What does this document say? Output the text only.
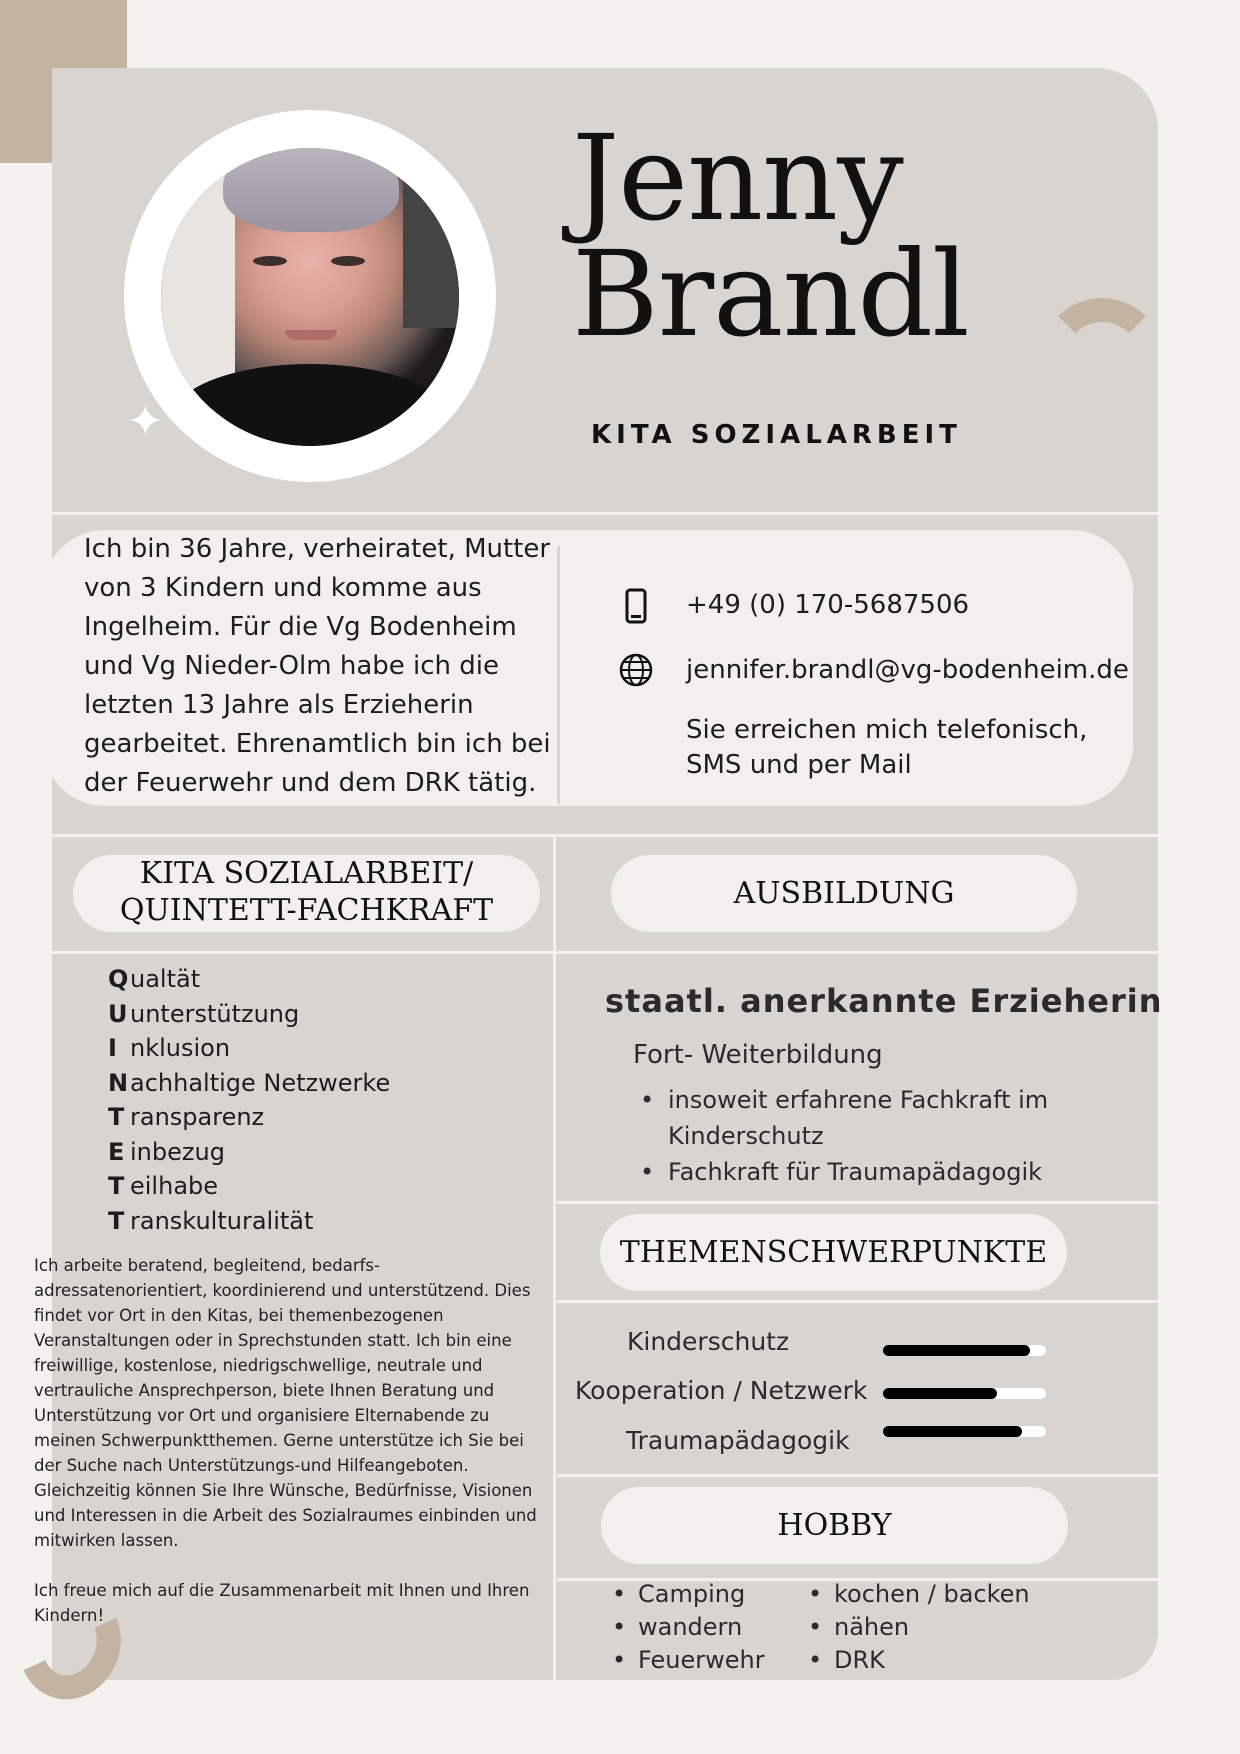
✦
Jenny
Brandl
KITA SOZIALARBEIT
Ich bin 36 Jahre, verheiratet, Mutter von 3 Kindern und komme aus Ingelheim. Für die Vg Bodenheim und Vg Nieder-Olm habe ich die letzten 13 Jahre als Erzieherin gearbeitet. Ehrenamtlich bin ich bei der Feuerwehr und dem DRK tätig.
+49 (0) 170-5687506
jennifer.brandl@vg-bodenheim.de
Sie erreichen mich telefonisch, SMS und per Mail
KITA SOZIALARBEIT/
QUINTETT-FACHKRAFT
Q ualtät
U unterstützung
I nklusion
N achhaltige Netzwerke
T ransparenz
E inbezug
T eilhabe
T ranskulturalität

Ich arbeite beratend, begleitend, bedarfs-adressatenorientiert, koordinierend und unterstützend. Dies findet vor Ort in den Kitas, bei themenbezogenen Veranstaltungen oder in Sprechstunden statt. Ich bin eine freiwillige, kostenlose, niedrigschwellige, neutrale und vertrauliche Ansprechperson, biete Ihnen Beratung und Unterstützung vor Ort und organisiere Elternabende zu meinen Schwerpunktthemen. Gerne unterstütze ich Sie bei der Suche nach Unterstützungs-und Hilfeangeboten. Gleichzeitig können Sie Ihre Wünsche, Bedürfnisse, Visionen und Interessen in die Arbeit des Sozialraumes einbinden und mitwirken lassen.

Ich freue mich auf die Zusammenarbeit mit Ihnen und Ihren Kindern!

AUSBILDUNG
staatl. anerkannte Erzieherin
Fort- Weiterbildung
• insoweit erfahrene Fachkraft im Kinderschutz
• Fachkraft für Traumapädagogik
THEMENSCHWERPUNKTE
Kinderschutz
Kooperation / Netzwerk
Traumapädagogik
HOBBY
• Camping
• wandern
• Feuerwehr
• kochen / backen
• nähen
• DRK
